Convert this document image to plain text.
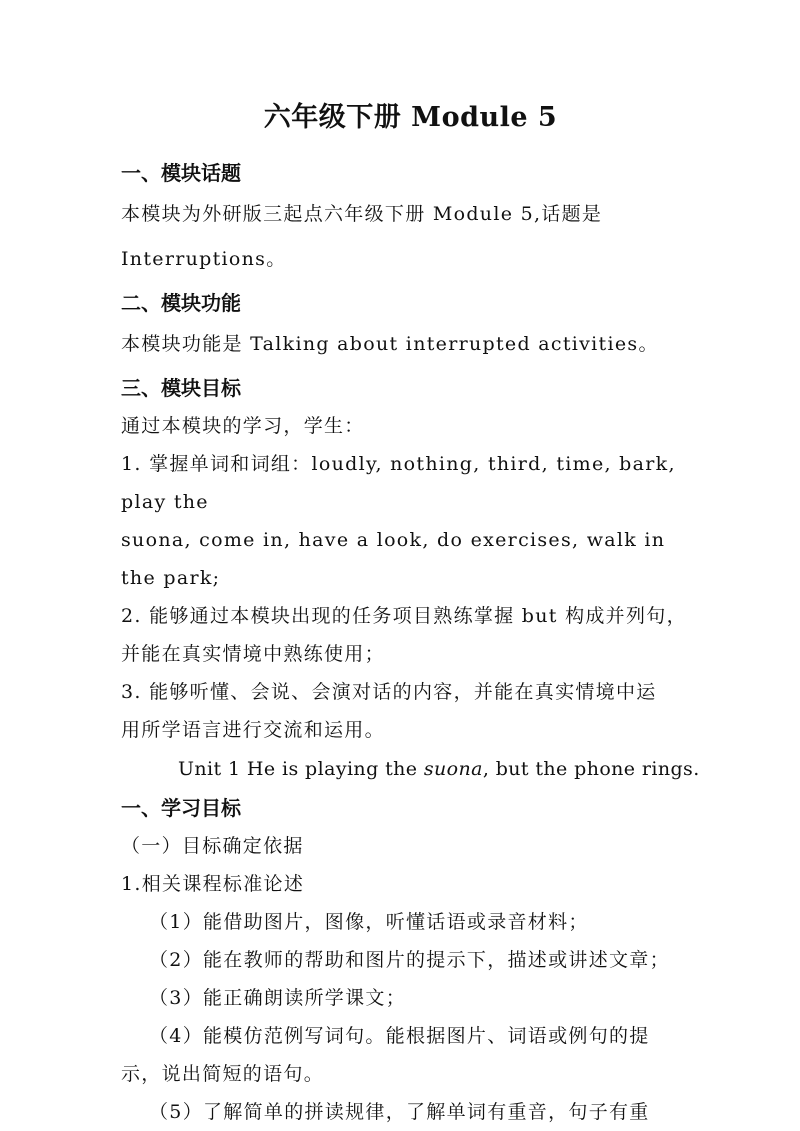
六年级下册 Module 5
一、模块话题

本模块为外研版三起点六年级下册 Module 5,话题是

Interruptions。

二、模块功能

本模块功能是 Talking about interrupted activities。

三、模块目标

通过本模块的学习，学生：

1. 掌握单词和词组：loudly, nothing, third, time, bark, play the

suona, come in, have a look, do exercises, walk in the park;

2. 能够通过本模块出现的任务项目熟练掌握 but 构成并列句，

并能在真实情境中熟练使用；

3. 能够听懂、会说、会演对话的内容，并能在真实情境中运

用所学语言进行交流和运用。

Unit 1 He is playing the suona, but the phone rings.

一、学习目标

（一）目标确定依据

1.相关课程标准论述

（1）能借助图片，图像，听懂话语或录音材料；

（2）能在教师的帮助和图片的提示下，描述或讲述文章；

（3）能正确朗读所学课文；

（4）能模仿范例写词句。能根据图片、词语或例句的提

示，说出简短的语句。

（5）了解简单的拼读规律，了解单词有重音，句子有重
